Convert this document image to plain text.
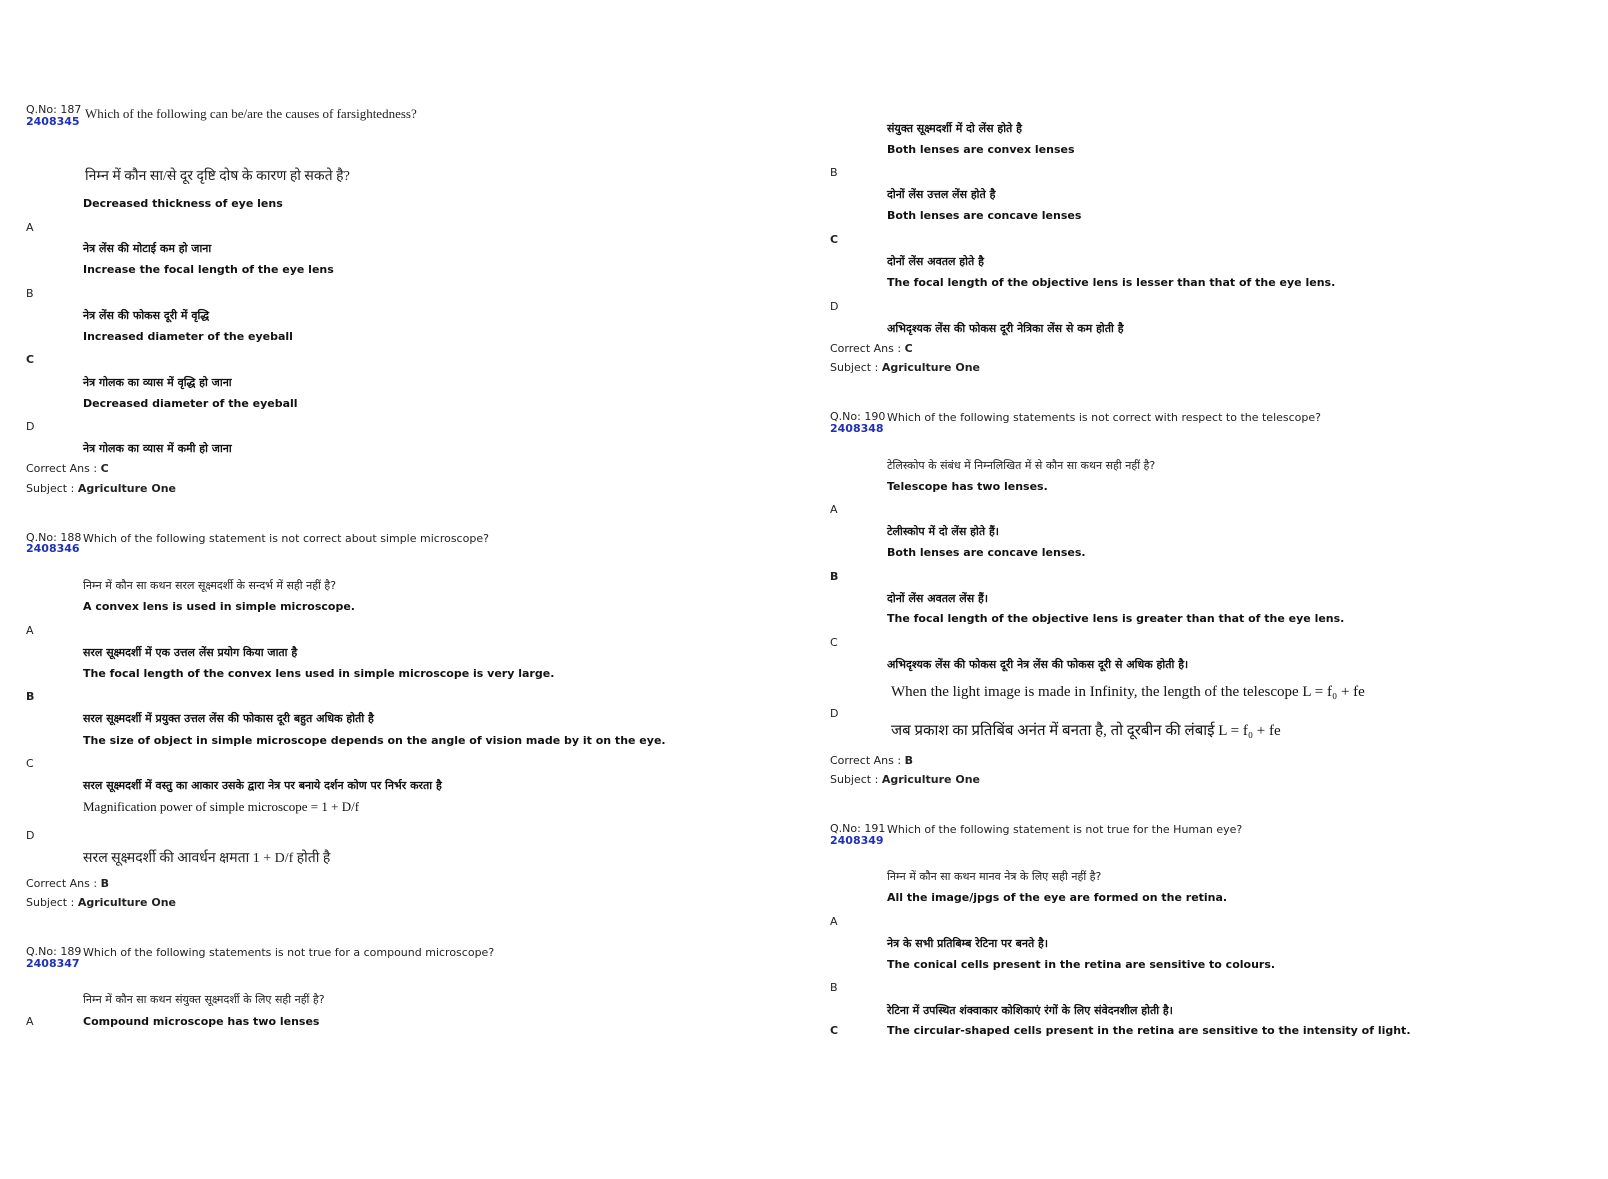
Q.No: 187
2408345
Which of the following can be/are the causes of farsightedness?
निम्न में कौन सा/से दूर दृष्टि दोष के कारण हो सकते है?
Decreased thickness of eye lens
A
नेत्र लेंस की मोटाई कम हो जाना
Increase the focal length of the eye lens
B
नेत्र लेंस की फोकस दूरी में वृद्धि
Increased diameter of the eyeball
C
नेत्र गोलक का व्यास में वृद्धि हो जाना
Decreased diameter of the eyeball
D
नेत्र गोलक का व्यास में कमी हो जाना
Correct Ans : C
Subject : Agriculture One
Q.No: 188
2408346
Which of the following statement is not correct about simple microscope?
निम्न में कौन सा कथन सरल सूक्ष्मदर्शी के सन्दर्भ में सही नहीं है?
A convex lens is used in simple microscope.
A
सरल सूक्ष्मदर्शी में एक उत्तल लेंस प्रयोग किया जाता है
The focal length of the convex lens used in simple microscope is very large.
B
सरल सूक्ष्मदर्शी में प्रयुक्त उत्तल लेंस की फोकास दूरी बहुत अधिक होती है
The size of object in simple microscope depends on the angle of vision made by it on the eye.
C
सरल सूक्ष्मदर्शी में वस्तु का आकार उसके द्वारा नेत्र पर बनाये दर्शन कोण पर निर्भर करता है
Magnification power of simple microscope = 1 + D/f
D
सरल सूक्ष्मदर्शी की आवर्धन क्षमता 1 + D/f होती है
Correct Ans : B
Subject : Agriculture One
Q.No: 189
2408347
Which of the following statements is not true for a compound microscope?
निम्न में कौन सा कथन संयुक्त सूक्ष्मदर्शी के लिए सही नहीं है?
A	Compound microscope has two lenses
संयुक्त सूक्ष्मदर्शी में दो लेंस होते है
Both lenses are convex lenses
B
दोनों लेंस उत्तल लेंस होते है
Both lenses are concave lenses
C
दोनों लेंस अवतल होते है
The focal length of the objective lens is lesser than that of the eye lens.
D
अभिदृश्यक लेंस की फोकस दूरी नेत्रिका लेंस से कम होती है
Correct Ans : C
Subject : Agriculture One
Q.No: 190
2408348
Which of the following statements is not correct with respect to the telescope?
टेलिस्कोप के संबंध में निम्नलिखित में से कौन सा कथन सही नहीं है?
Telescope has two lenses.
A
टेलीस्कोप में दो लेंस होते हैं।
Both lenses are concave lenses.
B
दोनों लेंस अवतल लेंस हैं।
The focal length of the objective lens is greater than that of the eye lens.
C
अभिदृश्यक लेंस की फोकस दूरी नेत्र लेंस की फोकस दूरी से अधिक होती है।
When the light image is made in Infinity, the length of the telescope L = f₀ + fe
D
जब प्रकाश का प्रतिबिंब अनंत में बनता है, तो दूरबीन की लंबाई L = f₀ + fe
Correct Ans : B
Subject : Agriculture One
Q.No: 191
2408349
Which of the following statement is not true for the Human eye?
निम्न में कौन सा कथन मानव नेत्र के लिए सही नहीं है?
All the image/jpgs of the eye are formed on the retina.
A
नेत्र के सभी प्रतिबिम्ब रेटिना पर बनते है।
The conical cells present in the retina are sensitive to colours.
B
रेटिना में उपस्थित शंक्वाकार कोशिकाएं रंगों के लिए संवेदनशील होती है।
C	The circular-shaped cells present in the retina are sensitive to the intensity of light.
